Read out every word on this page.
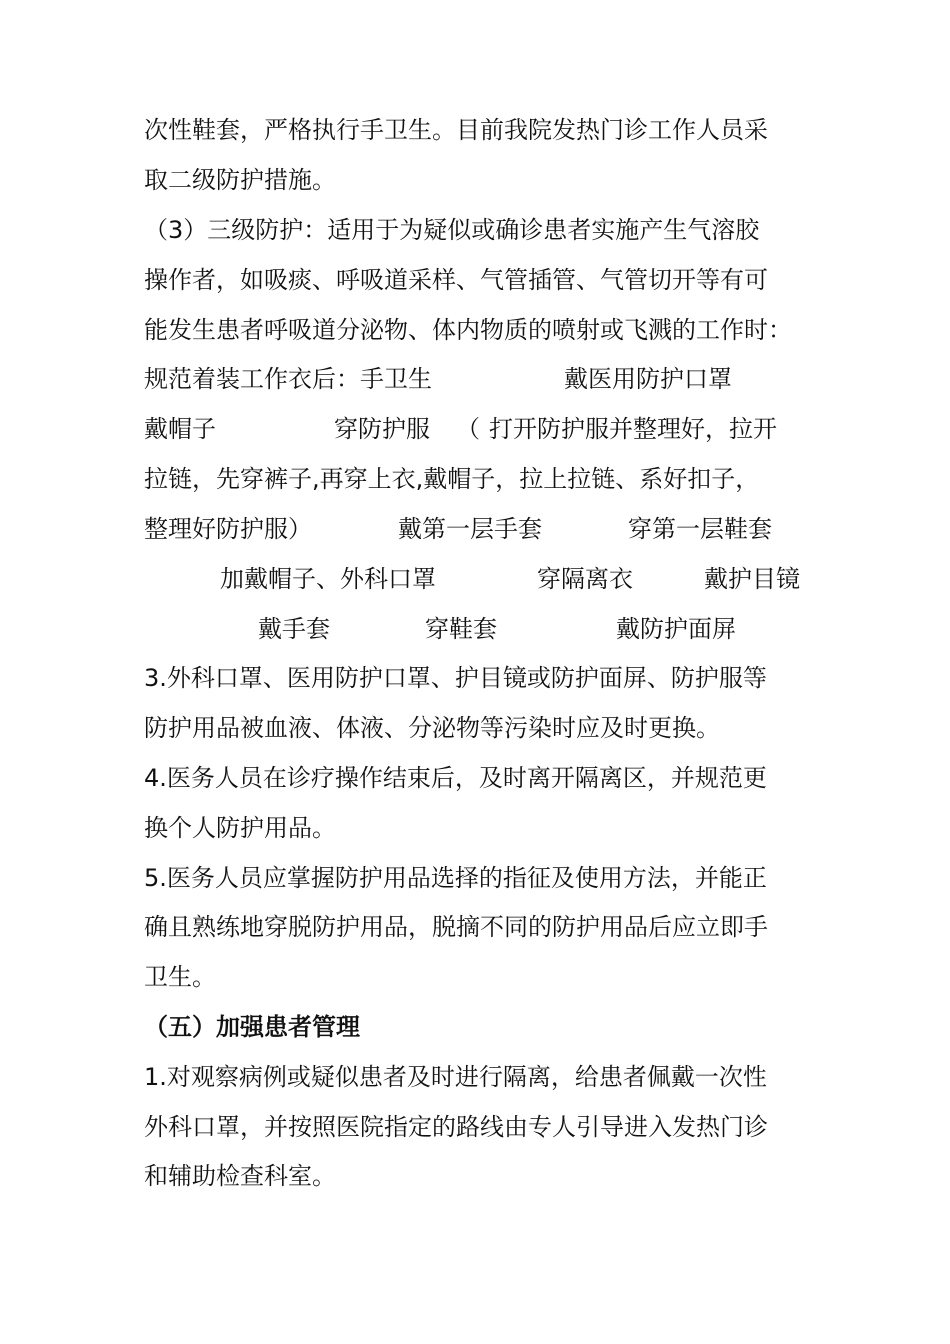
次性鞋套，严格执行手卫生。目前我院发热门诊工作人员采
取二级防护措施。
（3）三级防护：适用于为疑似或确诊患者实施产生气溶胶
操作者，如吸痰、呼吸道采样、气管插管、气管切开等有可
能发生患者呼吸道分泌物、体内物质的喷射或飞溅的工作时：
规范着装工作衣后：手卫生	戴医用防护口罩
戴帽子	穿防护服 （ 打开防护服并整理好，拉开
拉链，先穿裤子,再穿上衣,戴帽子，拉上拉链、系好扣子，
整理好防护服）	戴第一层手套	穿第一层鞋套
加戴帽子、外科口罩	穿隔离衣	戴护目镜
戴手套	穿鞋套	戴防护面屏
3.外科口罩、医用防护口罩、护目镜或防护面屏、防护服等
防护用品被血液、体液、分泌物等污染时应及时更换。
4.医务人员在诊疗操作结束后，及时离开隔离区，并规范更
换个人防护用品。
5.医务人员应掌握防护用品选择的指征及使用方法，并能正
确且熟练地穿脱防护用品，脱摘不同的防护用品后应立即手
卫生。
（五）加强患者管理
1.对观察病例或疑似患者及时进行隔离，给患者佩戴一次性
外科口罩，并按照医院指定的路线由专人引导进入发热门诊
和辅助检查科室。
